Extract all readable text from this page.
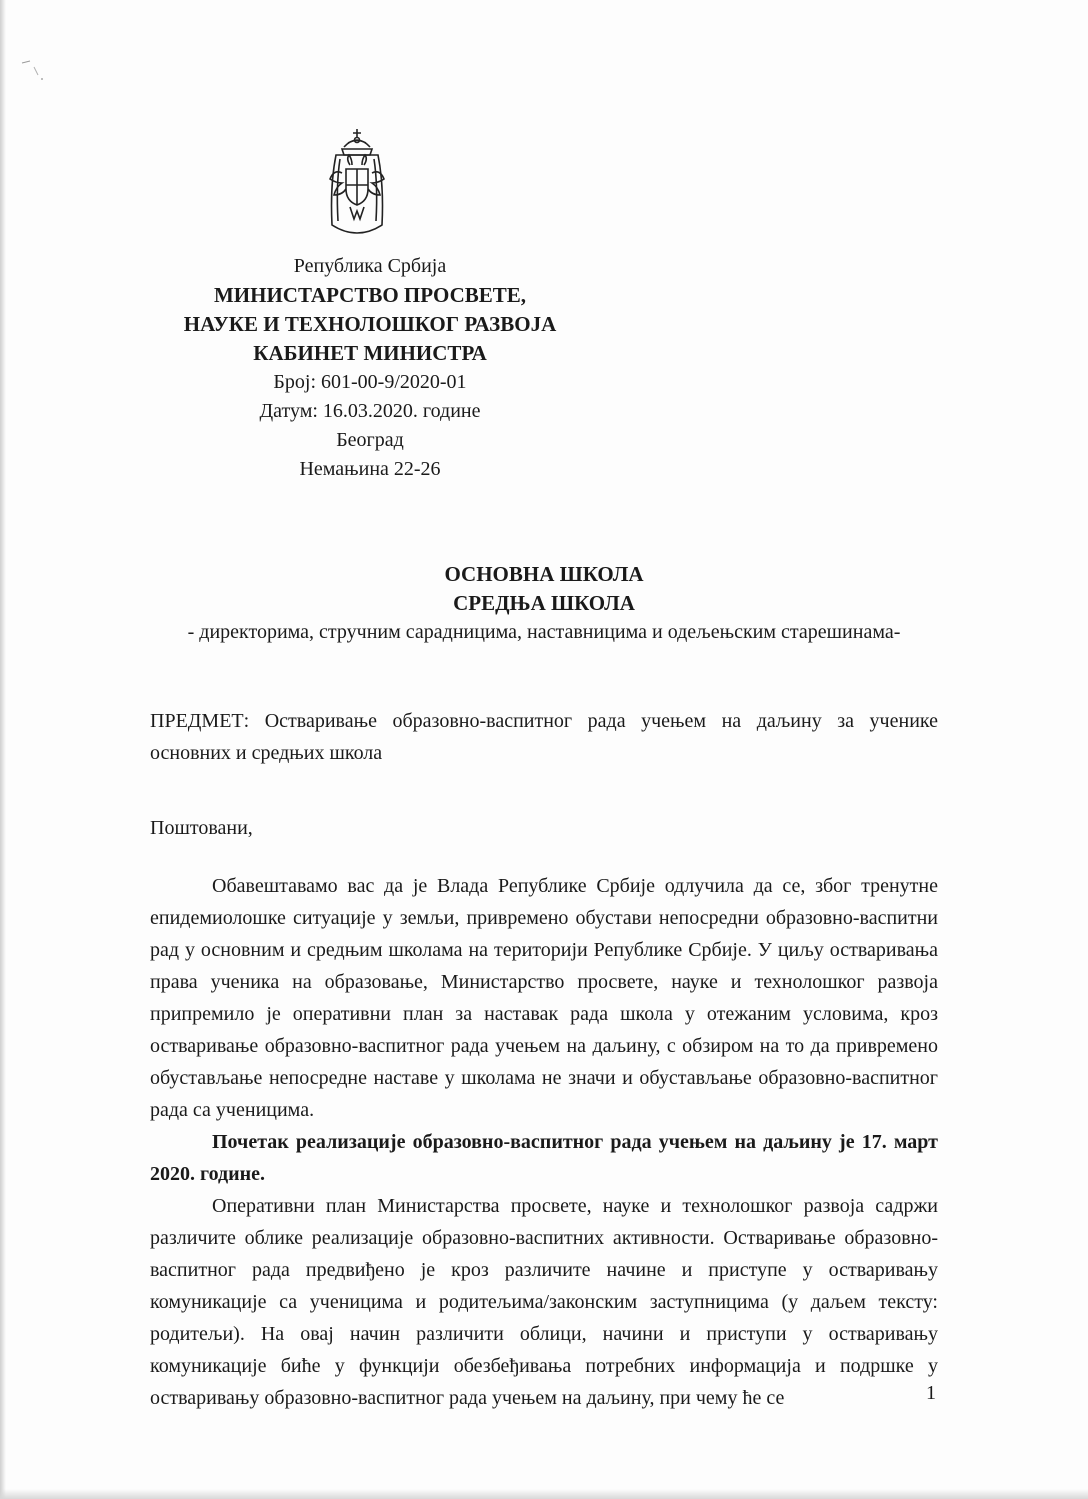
Република Србија
МИНИСТАРСТВО ПРОСВЕТЕ,
НАУКЕ И ТЕХНОЛОШКОГ РАЗВОЈА
КАБИНЕТ МИНИСТРА
Број: 601-00-9/2020-01
Датум: 16.03.2020. године
Београд
Немањина 22-26
ОСНОВНА ШКОЛА
СРЕДЊА ШКОЛА
- директорима, стручним сарадницима, наставницима и одељењским старешинама-
ПРЕДМЕТ: Остваривање образовно-васпитног рада учењем на даљину за ученике основних и средњих школа
Поштовани,

Обавештавамо вас да је Влада Републике Србије одлучила да се, због тренутне епидемиолошке ситуације у земљи, привремено обустави непосредни образовно-васпитни рад у основним и средњим школама на територији Републике Србије. У циљу остваривања права ученика на образовање, Министарство просвете, науке и технолошког развоја припремило је оперативни план за наставак рада школа у отежаним условима, кроз остваривање образовно-васпитног рада учењем на даљину, с обзиром на то да привремено обустављање непосредне наставе у школама не значи и обустављање образовно-васпитног рада са ученицима.

Почетак реализације образовно-васпитног рада учењем на даљину је 17. март 2020. године.

Оперативни план Министарства просвете, науке и технолошког развоја садржи различите облике реализације образовно-васпитних активности. Остваривање образовно-васпитног рада предвиђено је кроз различите начине и приступе у остваривању комуникације са ученицима и родитељима/законским заступницима (у даљем тексту: родитељи). На овај начин различити облици, начини и приступи у остваривању комуникације биће у функцији обезбеђивања потребних информација и подршке у остваривању образовно-васпитног рада учењем на даљину, при чему ће се	1
